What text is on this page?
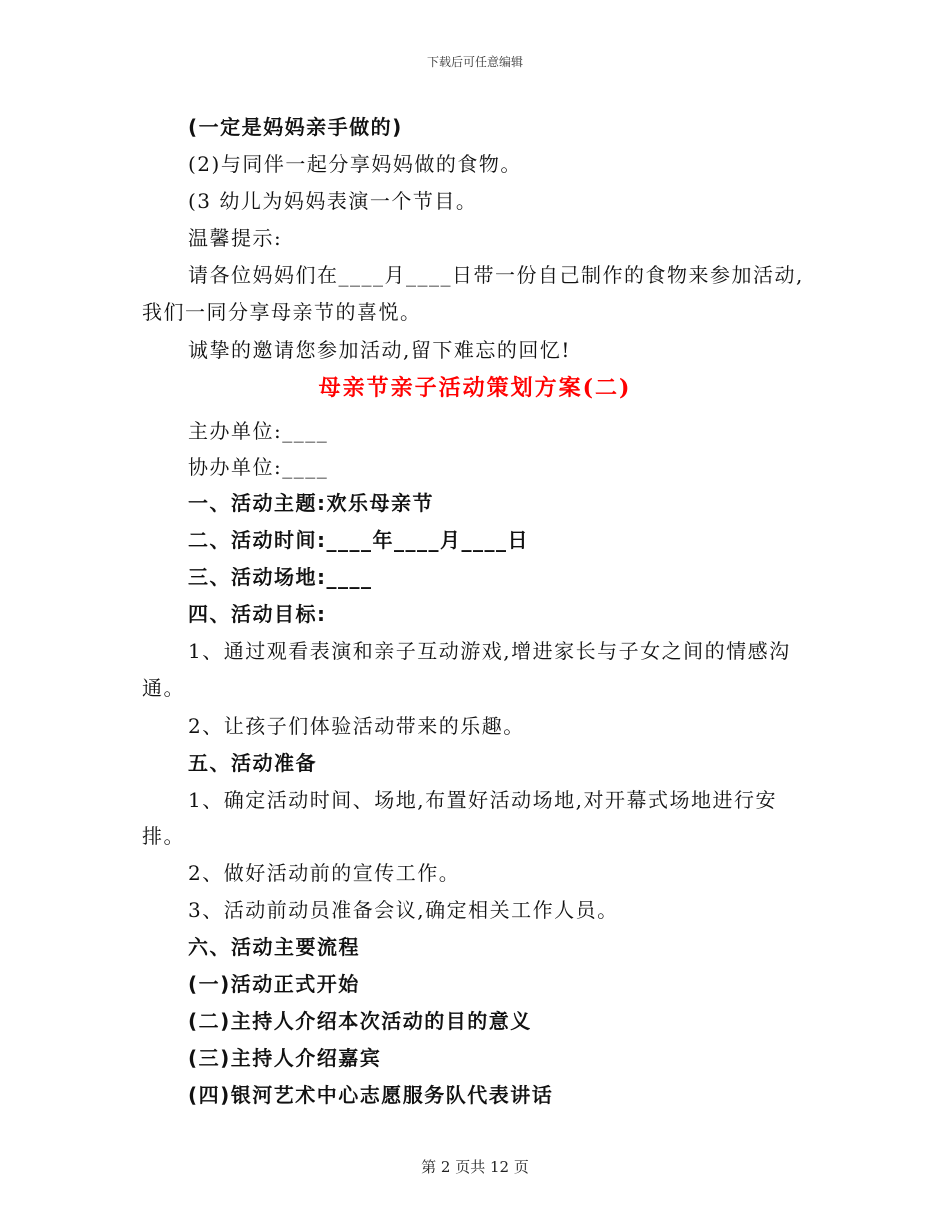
下载后可任意编辑
(一定是妈妈亲手做的)
(2)与同伴一起分享妈妈做的食物。
(3 幼儿为妈妈表演一个节目。
温馨提示:
请各位妈妈们在____月____日带一份自己制作的食物来参加活动,
我们一同分享母亲节的喜悦。
诚挚的邀请您参加活动,留下难忘的回忆!
母亲节亲子活动策划方案(二)
主办单位:____
协办单位:____
一、活动主题:欢乐母亲节
二、活动时间:____年____月____日
三、活动场地:____
四、活动目标:
1、通过观看表演和亲子互动游戏,增进家长与子女之间的情感沟
通。
2、让孩子们体验活动带来的乐趣。
五、活动准备
1、确定活动时间、场地,布置好活动场地,对开幕式场地进行安
排。
2、做好活动前的宣传工作。
3、活动前动员准备会议,确定相关工作人员。
六、活动主要流程
(一)活动正式开始
(二)主持人介绍本次活动的目的意义
(三)主持人介绍嘉宾
(四)银河艺术中心志愿服务队代表讲话
第 2 页共 12 页
